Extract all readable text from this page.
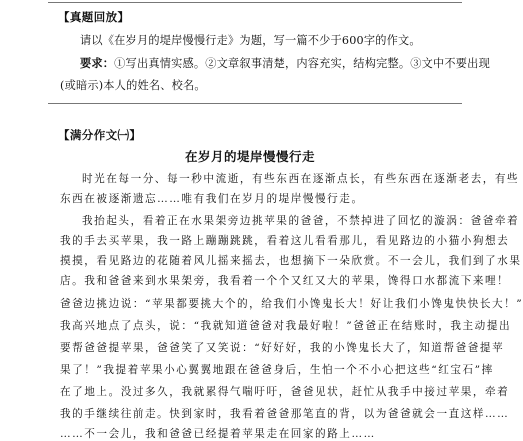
【真题回放】
请以《在岁月的堤岸慢慢行走》为题，写一篇不少于600字的作文。
要求：①写出真情实感。②文章叙事清楚，内容充实，结构完整。③文中不要出现
(或暗示)本人的姓名、校名。
【满分作文㈠】
在岁月的堤岸慢慢行走
时光在每一分、每一秒中流逝，有些东西在逐渐点长，有些东西在逐渐老去，有些
东西在被逐渐遗忘……唯有我们在岁月的堤岸慢慢行走。
我抬起头，看着正在水果架旁边挑苹果的爸爸，不禁掉进了回忆的漩涡：爸爸牵着
我的手去买苹果，我一路上蹦蹦跳跳，看着这儿看看那儿，看见路边的小猫小狗想去
摸摸，看见路边的花随着风儿摇来摇去，也想摘下一朵欣赏。不一会儿，我们到了水果
店。我和爸爸来到水果架旁，我看着一个个又红又大的苹果，馋得口水都流下来哩！
爸爸边挑边说：“苹果都要挑大个的，给我们小馋鬼长大！好让我们小馋鬼快快长大！”
我高兴地点了点头，说：“我就知道爸爸对我最好啦！”爸爸正在结账时，我主动提出
要帮爸爸提苹果，爸爸笑了又笑说：“好好好，我的小馋鬼长大了，知道帮爸爸提苹
果了！”我提着苹果小心翼翼地跟在爸爸身后，生怕一个不小心把这些“红宝石”摔
在了地上。没过多久，我就累得气喘吁吁，爸爸见状，赶忙从我手中接过苹果，牵着
我的手继续往前走。快到家时，我看着爸爸那笔直的背，以为爸爸就会一直这样……
……不一会儿，我和爸爸已经提着苹果走在回家的路上……
